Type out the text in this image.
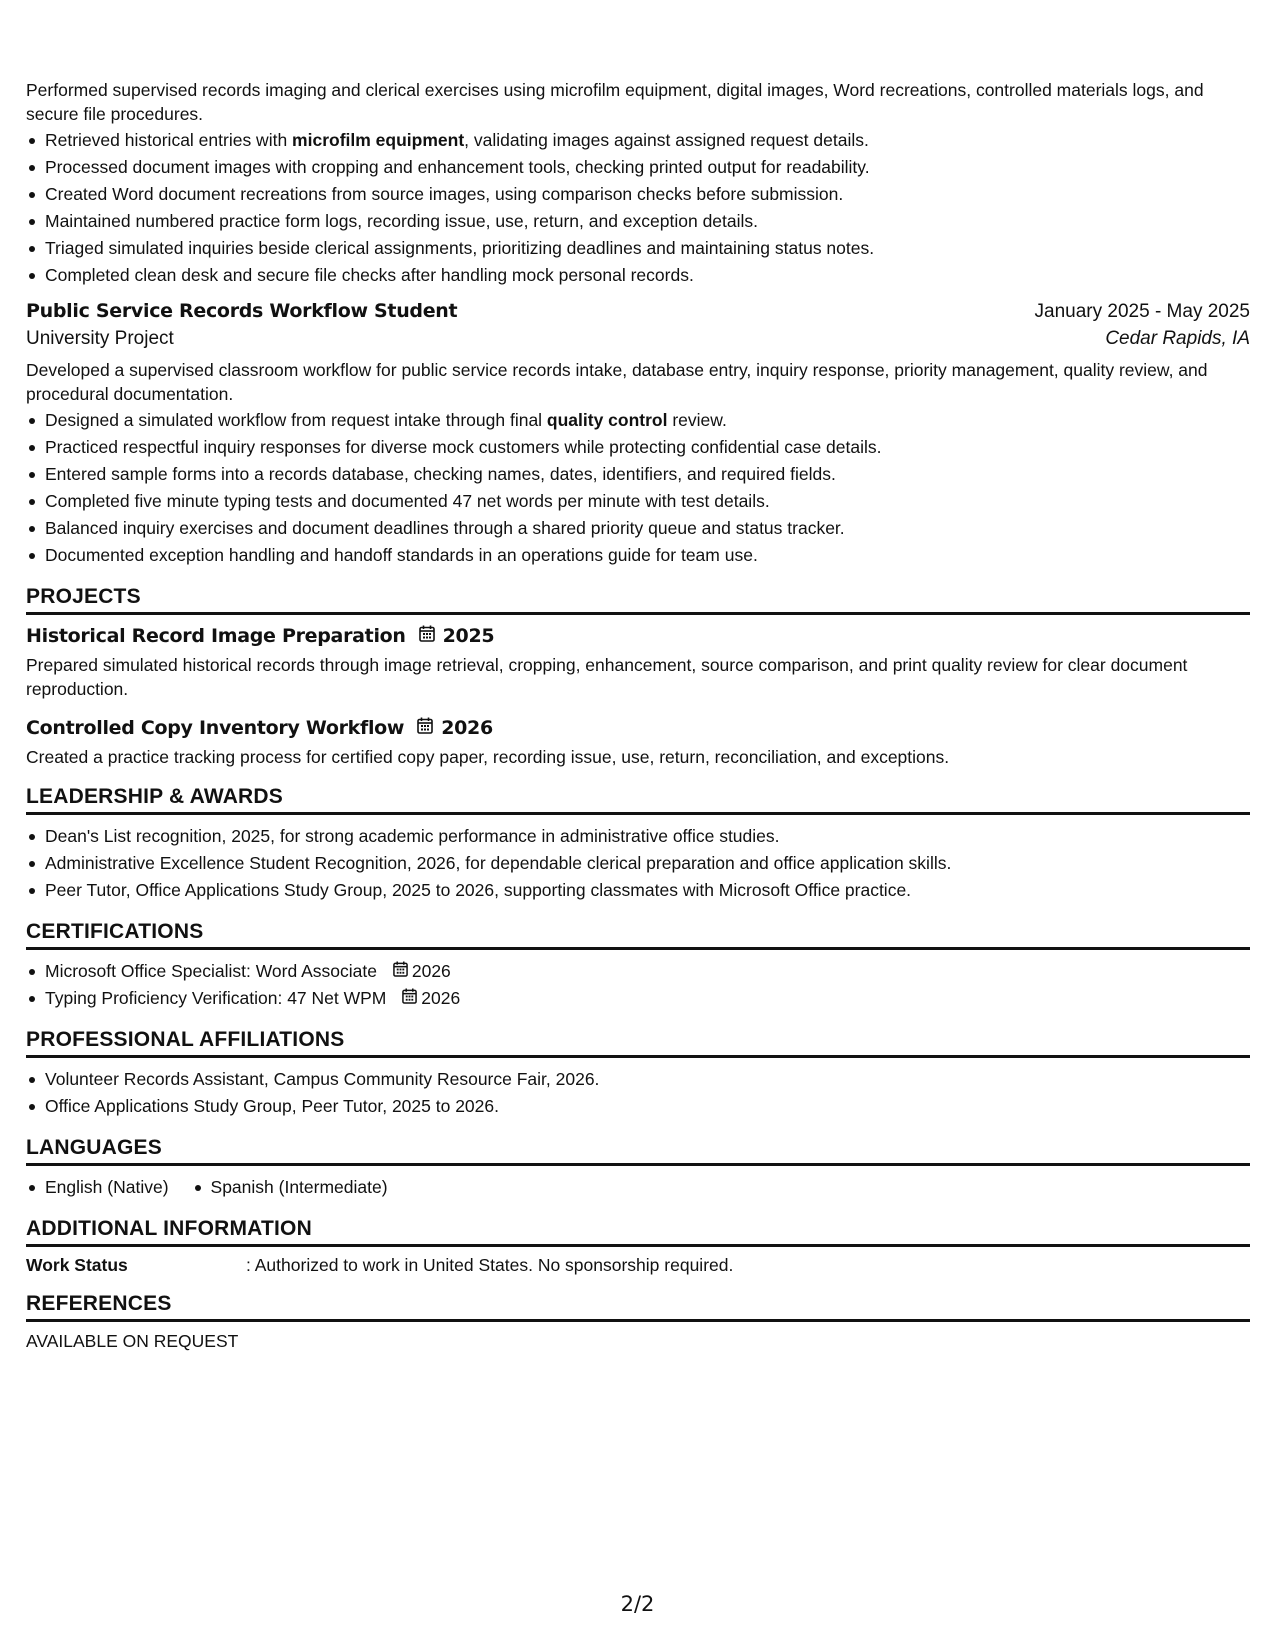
Performed supervised records imaging and clerical exercises using microfilm equipment, digital images, Word recreations, controlled materials logs, and secure file procedures.

Retrieved historical entries with microfilm equipment, validating images against assigned request details.
Processed document images with cropping and enhancement tools, checking printed output for readability.
Created Word document recreations from source images, using comparison checks before submission.
Maintained numbered practice form logs, recording issue, use, return, and exception details.
Triaged simulated inquiries beside clerical assignments, prioritizing deadlines and maintaining status notes.
Completed clean desk and secure file checks after handling mock personal records.
Public Service Records Workflow Student	January 2025 - May 2025
University Project	Cedar Rapids, IA

Developed a supervised classroom workflow for public service records intake, database entry, inquiry response, priority management, quality review, and procedural documentation.

Designed a simulated workflow from request intake through final quality control review.
Practiced respectful inquiry responses for diverse mock customers while protecting confidential case details.
Entered sample forms into a records database, checking names, dates, identifiers, and required fields.
Completed five minute typing tests and documented 47 net words per minute with test details.
Balanced inquiry exercises and document deadlines through a shared priority queue and status tracker.
Documented exception handling and handoff standards in an operations guide for team use.
PROJECTS
Historical Record Image Preparation 2025

Prepared simulated historical records through image retrieval, cropping, enhancement, source comparison, and print quality review for clear document reproduction.

Controlled Copy Inventory Workflow 2026

Created a practice tracking process for certified copy paper, recording issue, use, return, reconciliation, and exceptions.

LEADERSHIP & AWARDS
Dean's List recognition, 2025, for strong academic performance in administrative office studies.
Administrative Excellence Student Recognition, 2026, for dependable clerical preparation and office application skills.
Peer Tutor, Office Applications Study Group, 2025 to 2026, supporting classmates with Microsoft Office practice.
CERTIFICATIONS
Microsoft Office Specialist: Word Associate 2026
Typing Proficiency Verification: 47 Net WPM 2026
PROFESSIONAL AFFILIATIONS
Volunteer Records Assistant, Campus Community Resource Fair, 2026.
Office Applications Study Group, Peer Tutor, 2025 to 2026.
LANGUAGES
English (Native) Spanish (Intermediate)
ADDITIONAL INFORMATION
Work Status	: Authorized to work in United States. No sponsorship required.
REFERENCES
AVAILABLE ON REQUEST
2/2
